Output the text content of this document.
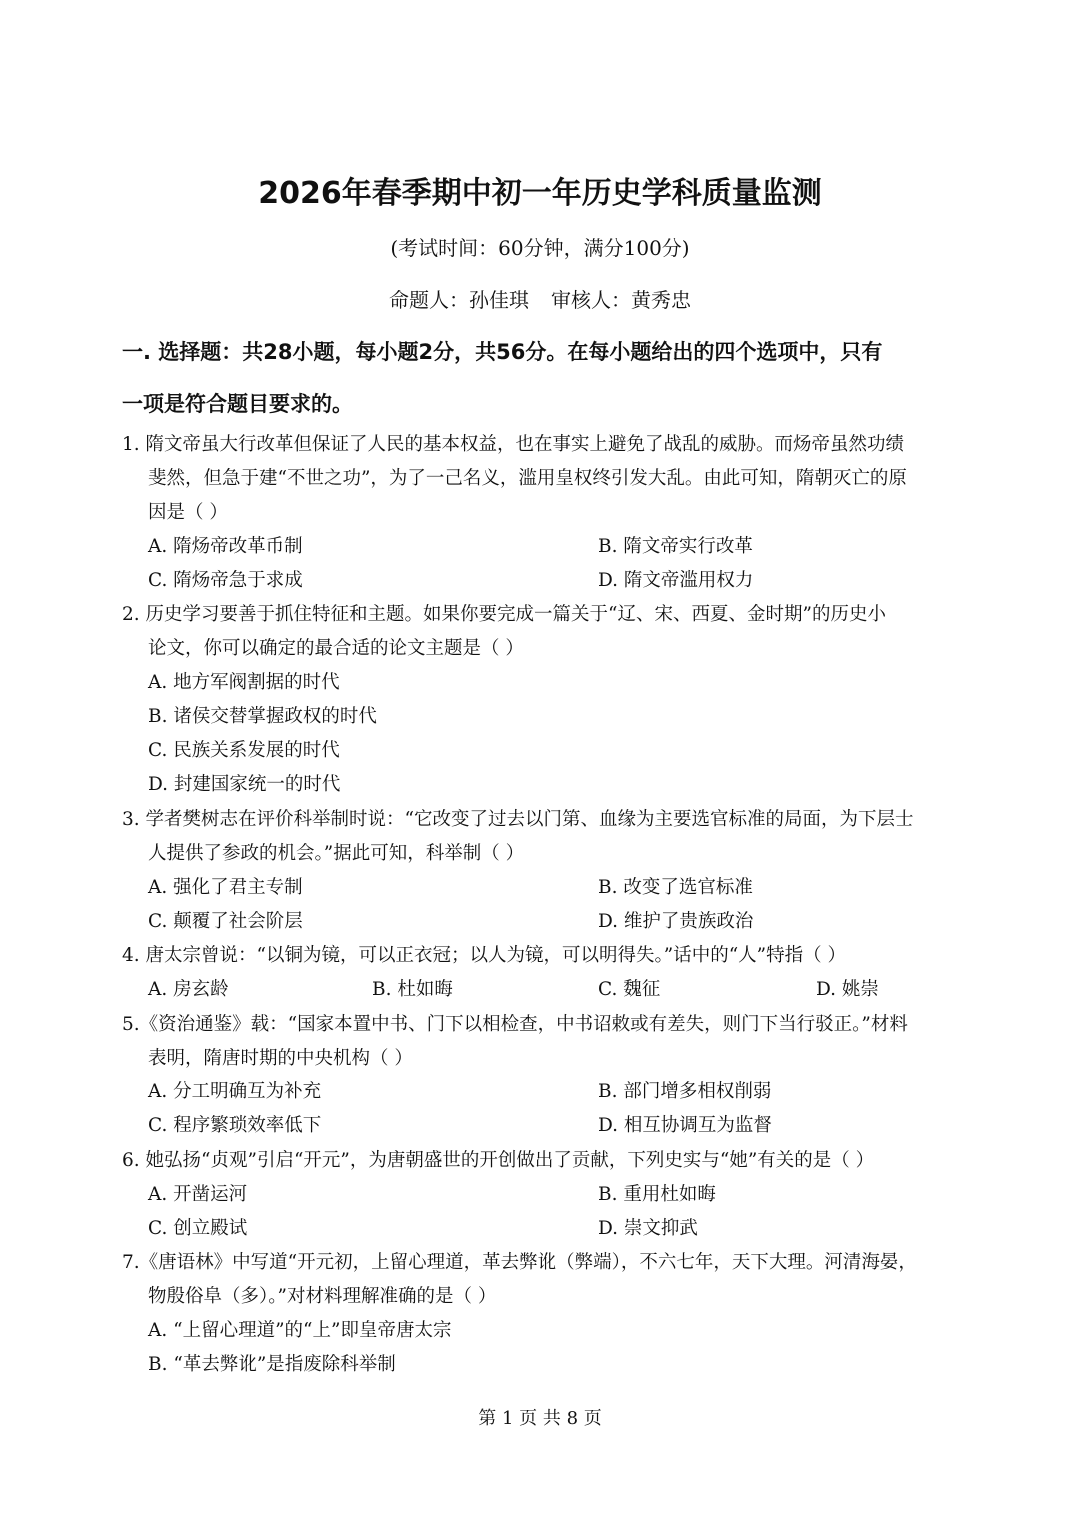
2026年春季期中初一年历史学科质量监测
(考试时间：60分钟，满分100分)
命题人：孙佳琪 审核人：黄秀忠
一. 选择题：共28小题，每小题2分，共56分。在每小题给出的四个选项中，只有
一项是符合题目要求的。
1. 隋文帝虽大行改革但保证了人民的基本权益，也在事实上避免了战乱的威胁。而炀帝虽然功绩
斐然，但急于建“不世之功”，为了一己名义，滥用皇权终引发大乱。由此可知，隋朝灭亡的原
因是（ ）
A. 隋炀帝改革币制	B. 隋文帝实行改革
C. 隋炀帝急于求成	D. 隋文帝滥用权力
2. 历史学习要善于抓住特征和主题。如果你要完成一篇关于“辽、宋、西夏、金时期”的历史小
论文，你可以确定的最合适的论文主题是（ ）
A. 地方军阀割据的时代
B. 诸侯交替掌握政权的时代
C. 民族关系发展的时代
D. 封建国家统一的时代
3. 学者樊树志在评价科举制时说：“它改变了过去以门第、血缘为主要选官标准的局面，为下层士
人提供了参政的机会。”据此可知，科举制（ ）
A. 强化了君主专制	B. 改变了选官标准
C. 颠覆了社会阶层	D. 维护了贵族政治
4. 唐太宗曾说：“以铜为镜，可以正衣冠；以人为镜，可以明得失。”话中的“人”特指（ ）
A. 房玄龄	B. 杜如晦	C. 魏征	D. 姚崇
5.《资治通鉴》载：“国家本置中书、门下以相检查，中书诏敕或有差失，则门下当行驳正。”材料
表明，隋唐时期的中央机构（ ）
A. 分工明确互为补充	B. 部门增多相权削弱
C. 程序繁琐效率低下	D. 相互协调互为监督
6. 她弘扬“贞观”引启“开元”，为唐朝盛世的开创做出了贡献，下列史实与“她”有关的是（ ）
A. 开凿运河	B. 重用杜如晦
C. 创立殿试	D. 崇文抑武
7.《唐语林》中写道“开元初，上留心理道，革去弊讹（弊端），不六七年，天下大理。河清海晏，
物殷俗阜（多）。”对材料理解准确的是（ ）
A. “上留心理道”的“上”即皇帝唐太宗
B. “革去弊讹”是指废除科举制
第 1 页 共 8 页
